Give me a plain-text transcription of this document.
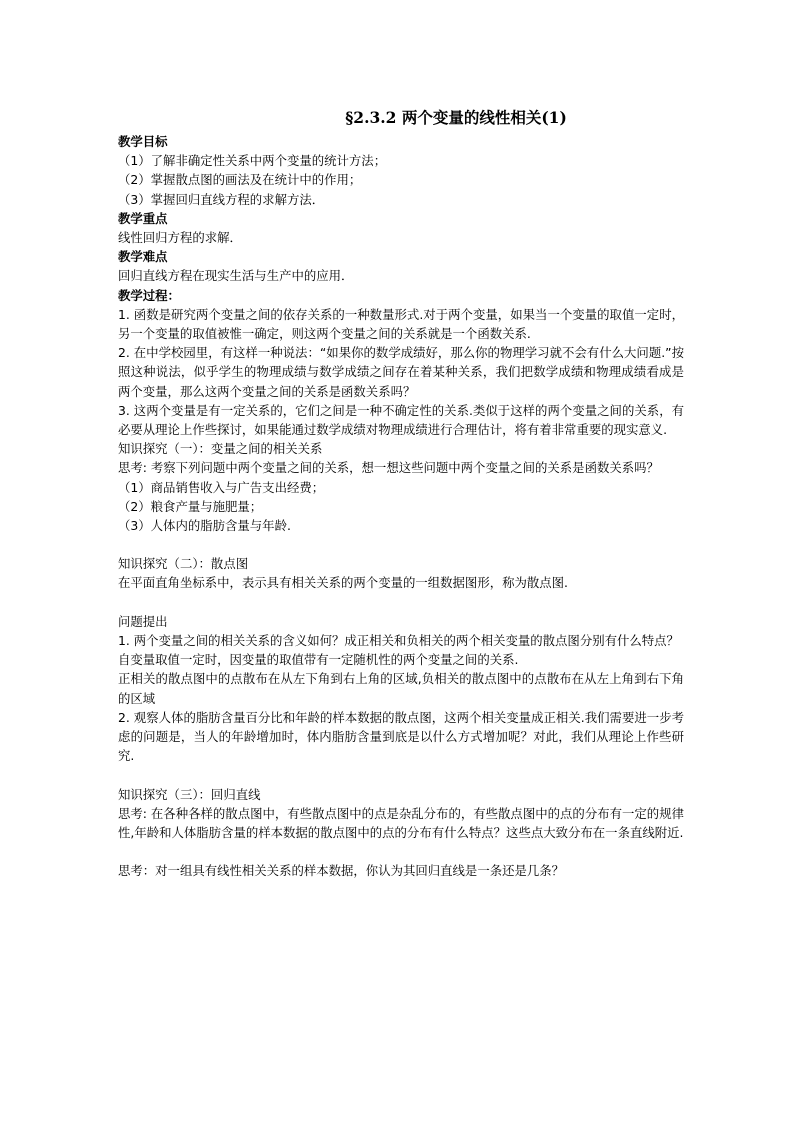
§2.3.2 两个变量的线性相关(1)
教学目标
（1）了解非确定性关系中两个变量的统计方法；
（2）掌握散点图的画法及在统计中的作用；
（3）掌握回归直线方程的求解方法．
教学重点
线性回归方程的求解．
教学难点
回归直线方程在现实生活与生产中的应用．
教学过程：
1. 函数是研究两个变量之间的依存关系的一种数量形式.对于两个变量，如果当一个变量的取值一定时，另一个变量的取值被惟一确定，则这两个变量之间的关系就是一个函数关系.
2. 在中学校园里，有这样一种说法：“如果你的数学成绩好，那么你的物理学习就不会有什么大问题.”按照这种说法，似乎学生的物理成绩与数学成绩之间存在着某种关系，我们把数学成绩和物理成绩看成是两个变量，那么这两个变量之间的关系是函数关系吗？
3. 这两个变量是有一定关系的，它们之间是一种不确定性的关系.类似于这样的两个变量之间的关系，有必要从理论上作些探讨，如果能通过数学成绩对物理成绩进行合理估计，将有着非常重要的现实意义.
知识探究（一）：变量之间的相关关系
思考: 考察下列问题中两个变量之间的关系，想一想这些问题中两个变量之间的关系是函数关系吗？
（1）商品销售收入与广告支出经费；
（2）粮食产量与施肥量；
（3）人体内的脂肪含量与年龄.
知识探究（二）：散点图
在平面直角坐标系中，表示具有相关关系的两个变量的一组数据图形，称为散点图.
问题提出
1. 两个变量之间的相关关系的含义如何？成正相关和负相关的两个相关变量的散点图分别有什么特点？
自变量取值一定时，因变量的取值带有一定随机性的两个变量之间的关系.
正相关的散点图中的点散布在从左下角到右上角的区域,负相关的散点图中的点散布在从左上角到右下角的区域
2. 观察人体的脂肪含量百分比和年龄的样本数据的散点图，这两个相关变量成正相关.我们需要进一步考虑的问题是，当人的年龄增加时，体内脂肪含量到底是以什么方式增加呢？对此，我们从理论上作些研究.
知识探究（三）：回归直线
思考: 在各种各样的散点图中，有些散点图中的点是杂乱分布的，有些散点图中的点的分布有一定的规律性,年龄和人体脂肪含量的样本数据的散点图中的点的分布有什么特点？这些点大致分布在一条直线附近.
思考：对一组具有线性相关关系的样本数据，你认为其回归直线是一条还是几条？
